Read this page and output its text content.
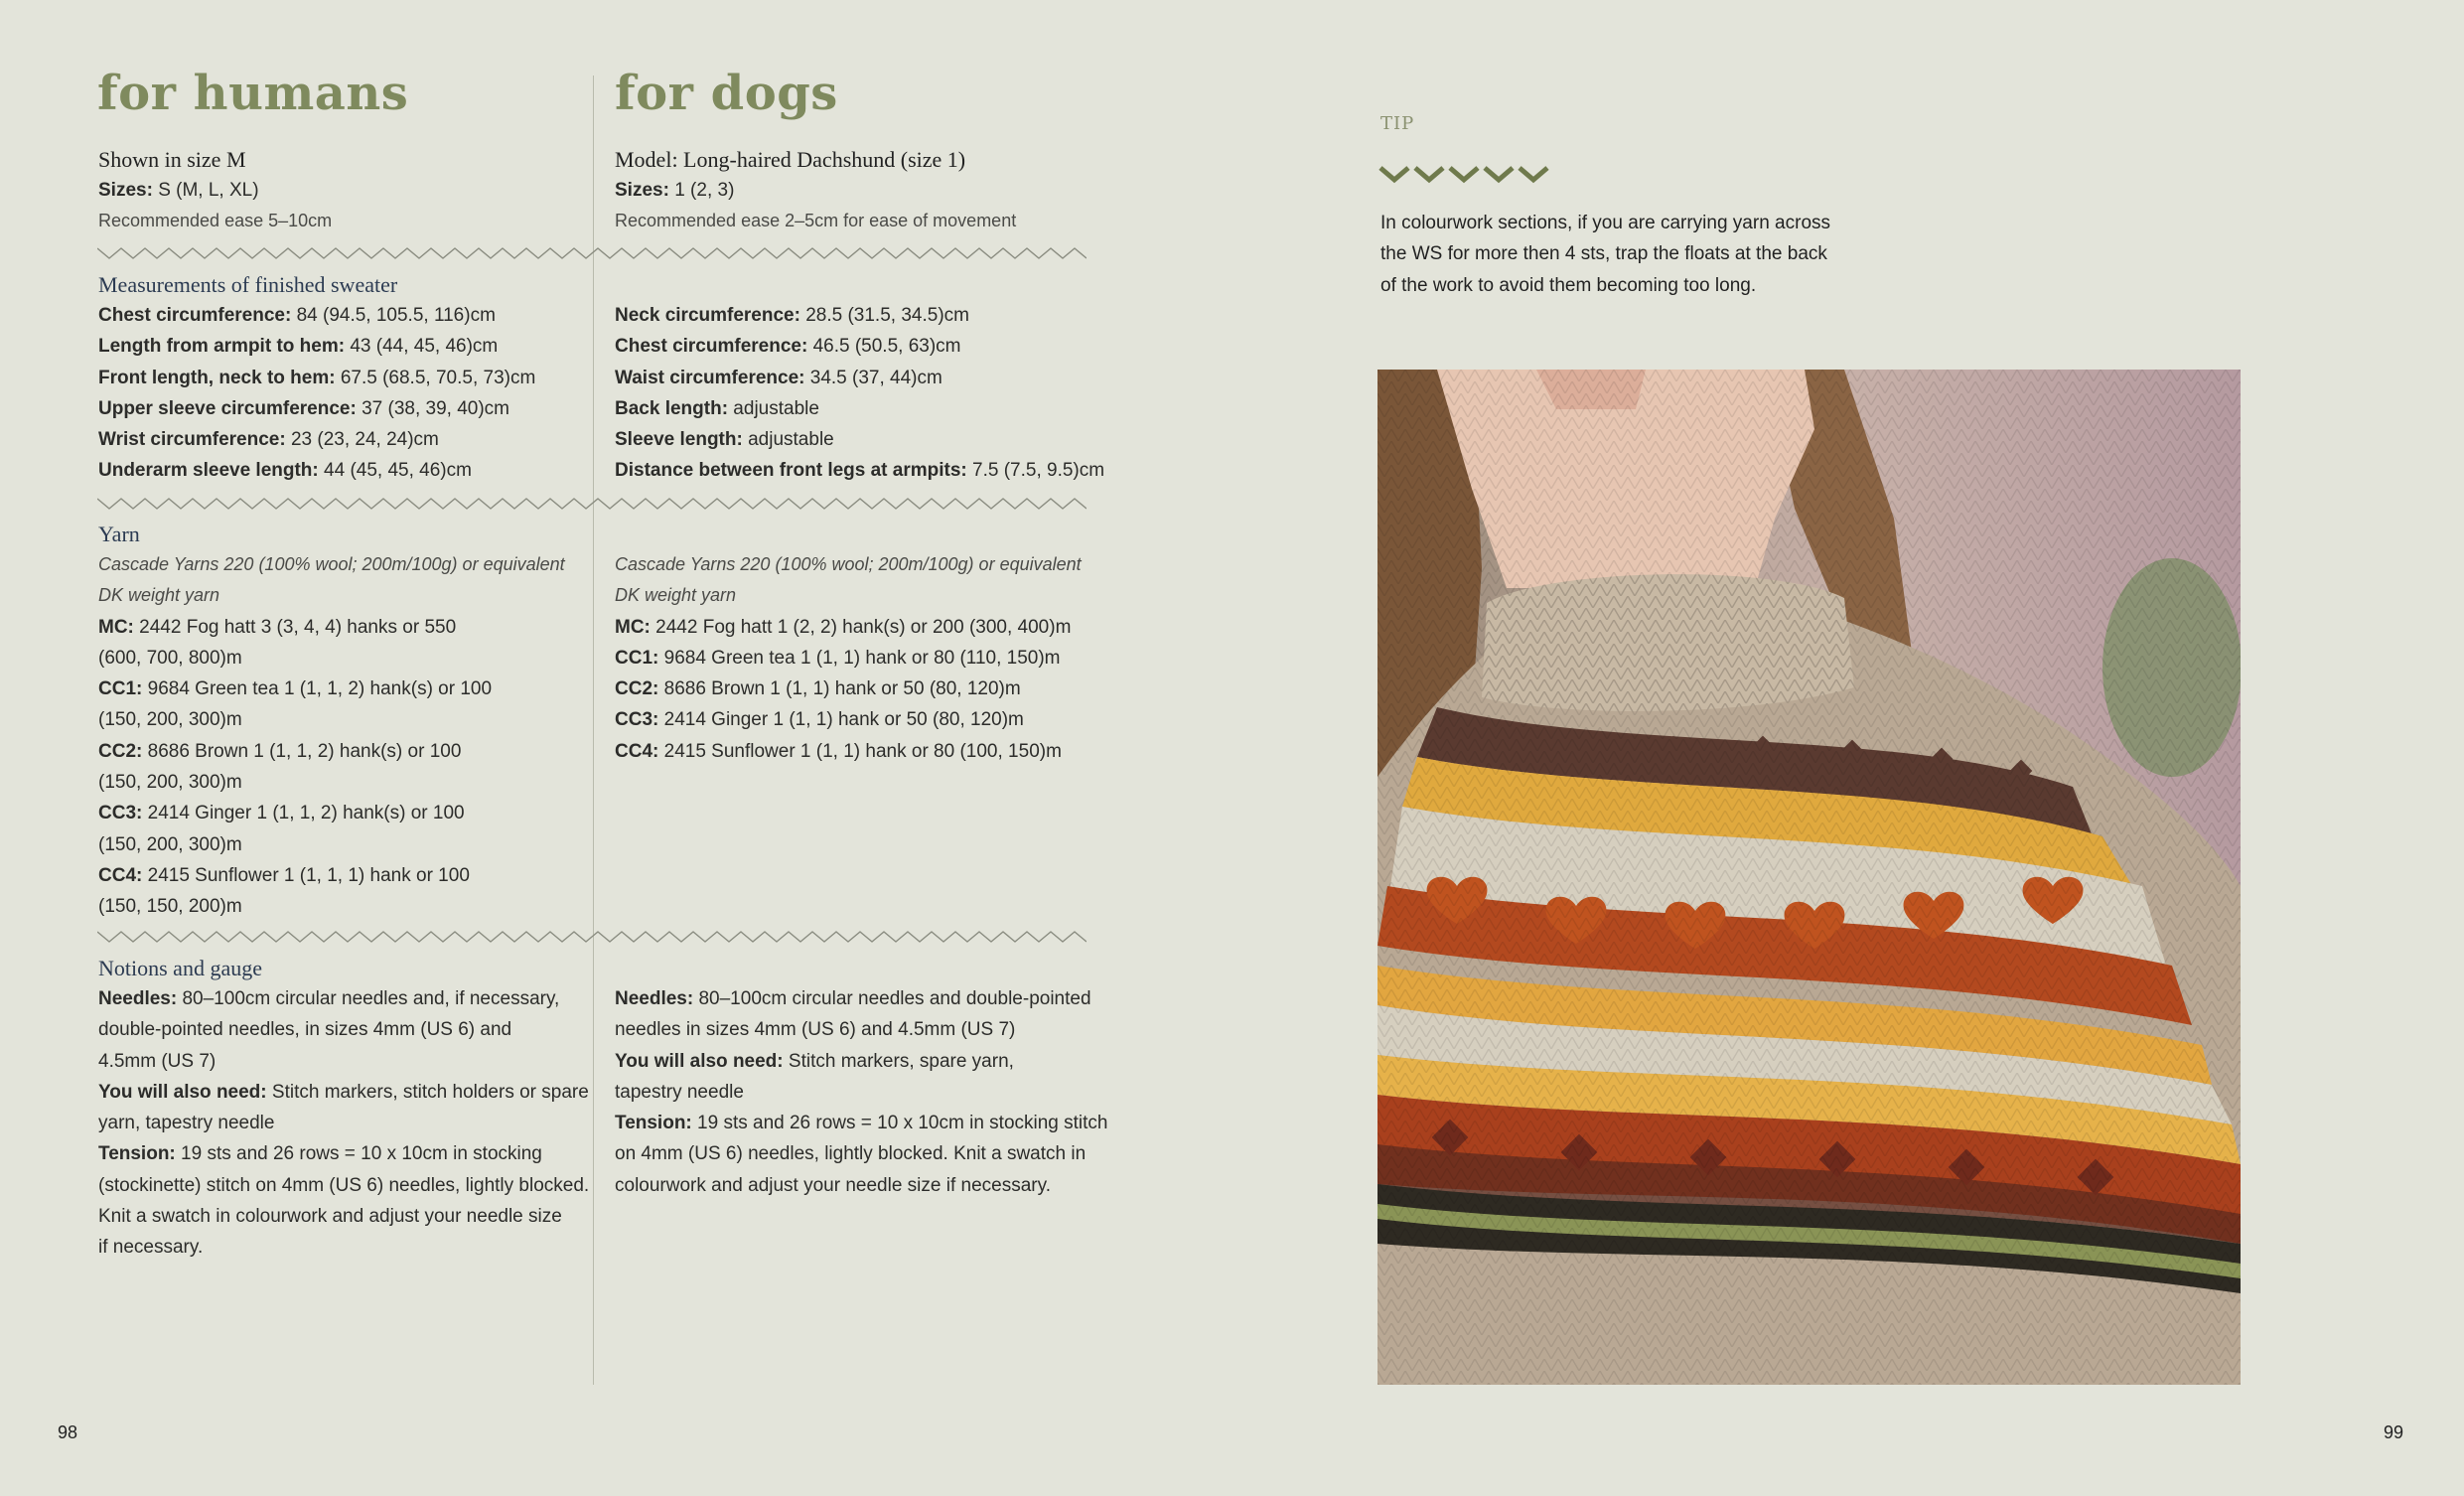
for humans	for dogs
Shown in size M
Sizes: S (M, L, XL)
Recommended ease 5–10cm
Measurements of finished sweater
Chest circumference: 84 (94.5, 105.5, 116)cm
Length from armpit to hem: 43 (44, 45, 46)cm
Front length, neck to hem: 67.5 (68.5, 70.5, 73)cm
Upper sleeve circumference: 37 (38, 39, 40)cm
Wrist circumference: 23 (23, 24, 24)cm
Underarm sleeve length: 44 (45, 45, 46)cm
Yarn
Cascade Yarns 220 (100% wool; 200m/100g) or equivalent
DK weight yarn
MC: 2442 Fog hatt 3 (3, 4, 4) hanks or 550
(600, 700, 800)m
CC1: 9684 Green tea 1 (1, 1, 2) hank(s) or 100
(150, 200, 300)m
CC2: 8686 Brown 1 (1, 1, 2) hank(s) or 100
(150, 200, 300)m
CC3: 2414 Ginger 1 (1, 1, 2) hank(s) or 100
(150, 200, 300)m
CC4: 2415 Sunflower 1 (1, 1, 1) hank or 100
(150, 150, 200)m
Notions and gauge
Needles: 80–100cm circular needles and, if necessary,
double-pointed needles, in sizes 4mm (US 6) and
4.5mm (US 7)
You will also need: Stitch markers, stitch holders or spare
yarn, tapestry needle
Tension: 19 sts and 26 rows = 10 x 10cm in stocking
(stockinette) stitch on 4mm (US 6) needles, lightly blocked.
Knit a swatch in colourwork and adjust your needle size
if necessary.
Model: Long-haired Dachshund (size 1)
Sizes: 1 (2, 3)
Recommended ease 2–5cm for ease of movement
Neck circumference: 28.5 (31.5, 34.5)cm
Chest circumference: 46.5 (50.5, 63)cm
Waist circumference: 34.5 (37, 44)cm
Back length: adjustable
Sleeve length: adjustable
Distance between front legs at armpits: 7.5 (7.5, 9.5)cm
Cascade Yarns 220 (100% wool; 200m/100g) or equivalent
DK weight yarn
MC: 2442 Fog hatt 1 (2, 2) hank(s) or 200 (300, 400)m
CC1: 9684 Green tea 1 (1, 1) hank or 80 (110, 150)m
CC2: 8686 Brown 1 (1, 1) hank or 50 (80, 120)m
CC3: 2414 Ginger 1 (1, 1) hank or 50 (80, 120)m
CC4: 2415 Sunflower 1 (1, 1) hank or 80 (100, 150)m
Needles: 80–100cm circular needles and double-pointed
needles in sizes 4mm (US 6) and 4.5mm (US 7)
You will also need: Stitch markers, spare yarn,
tapestry needle
Tension: 19 sts and 26 rows = 10 x 10cm in stocking stitch
on 4mm (US 6) needles, lightly blocked. Knit a swatch in
colourwork and adjust your needle size if necessary.
TIP
In colourwork sections, if you are carrying yarn across
the WS for more then 4 sts, trap the floats at the back
of the work to avoid them becoming too long.
98	99
